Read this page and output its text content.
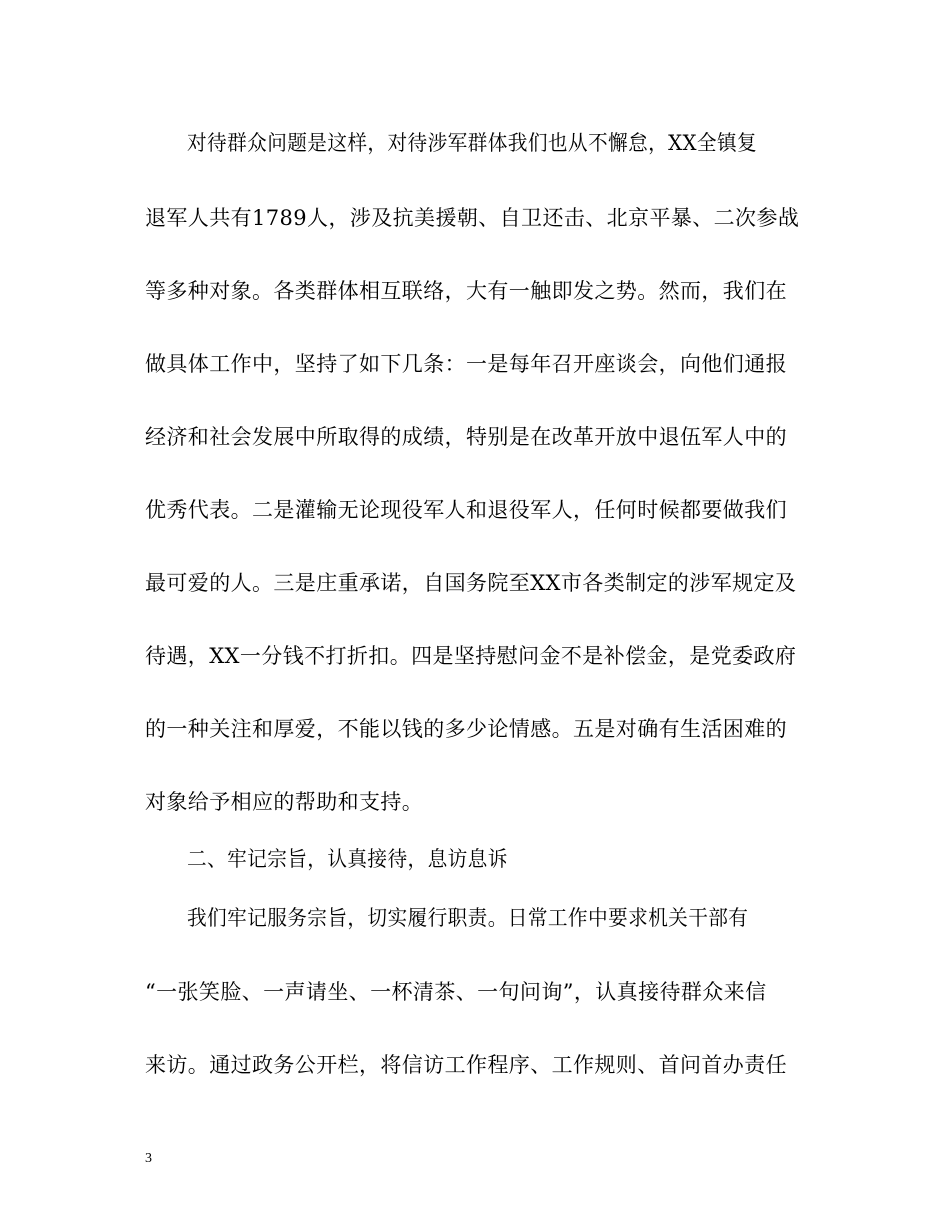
对待群众问题是这样，对待涉军群体我们也从不懈怠，XX全镇复
退军人共有1789人，涉及抗美援朝、自卫还击、北京平暴、二次参战
等多种对象。各类群体相互联络，大有一触即发之势。然而，我们在
做具体工作中，坚持了如下几条：一是每年召开座谈会，向他们通报
经济和社会发展中所取得的成绩，特别是在改革开放中退伍军人中的
优秀代表。二是灌输无论现役军人和退役军人，任何时候都要做我们
最可爱的人。三是庄重承诺，自国务院至XX市各类制定的涉军规定及
待遇，XX一分钱不打折扣。四是坚持慰问金不是补偿金，是党委政府
的一种关注和厚爱，不能以钱的多少论情感。五是对确有生活困难的
对象给予相应的帮助和支持。
二、牢记宗旨，认真接待，息访息诉
我们牢记服务宗旨，切实履行职责。日常工作中要求机关干部有
“一张笑脸、一声请坐、一杯清茶、一句问询”，认真接待群众来信
来访。通过政务公开栏，将信访工作程序、工作规则、首问首办责任
3
